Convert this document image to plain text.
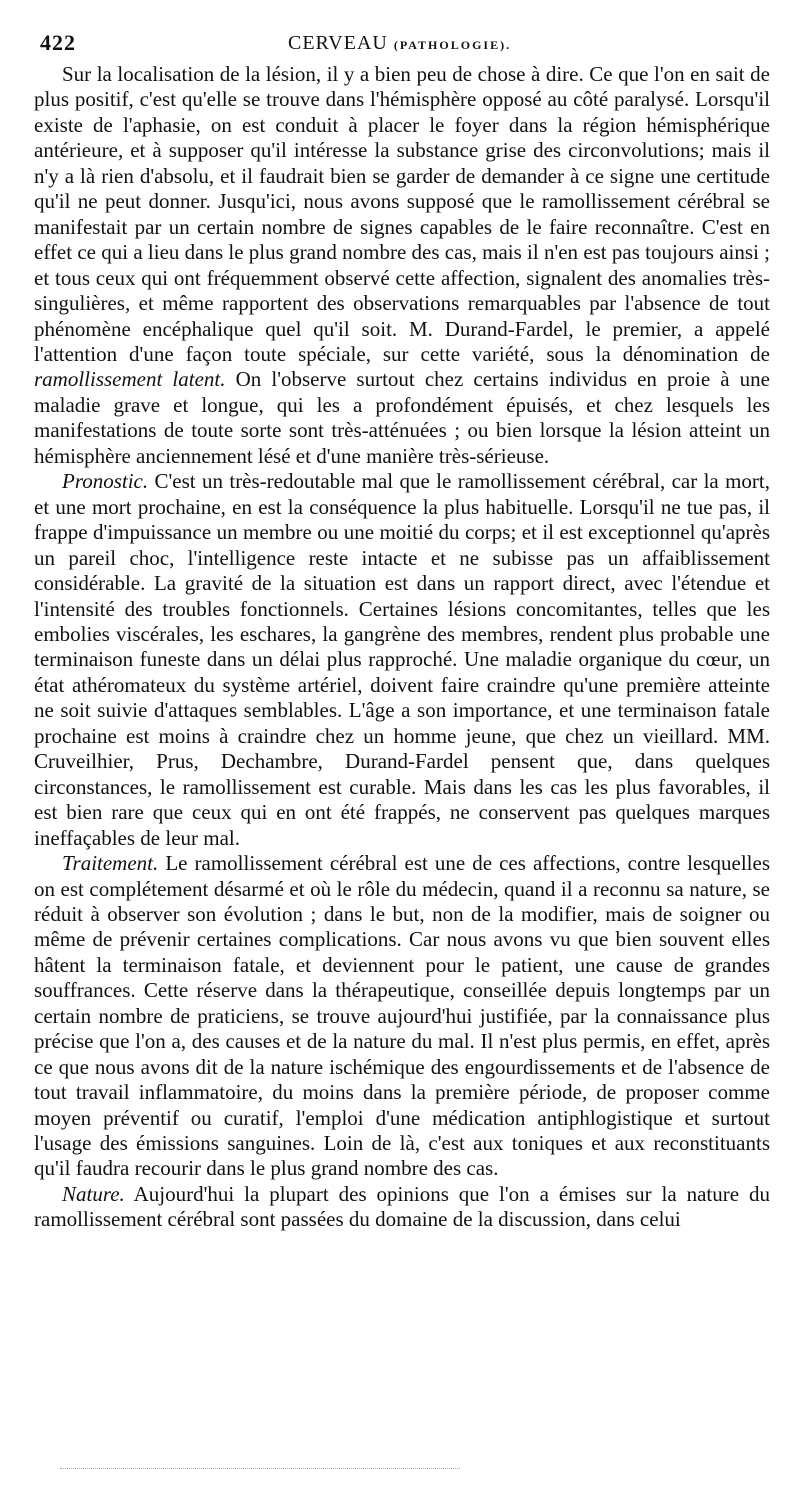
422	CERVEAU (PATHOLOGIE).

Sur la localisation de la lésion, il y a bien peu de chose à dire. Ce que l'on en sait de plus positif, c'est qu'elle se trouve dans l'hémisphère opposé au côté paralysé. Lorsqu'il existe de l'aphasie, on est conduit à placer le foyer dans la région hémisphérique antérieure, et à supposer qu'il intéresse la substance grise des circonvolutions; mais il n'y a là rien d'absolu, et il faudrait bien se garder de demander à ce signe une certitude qu'il ne peut donner. Jusqu'ici, nous avons supposé que le ramollissement cérébral se manifestait par un certain nombre de signes capables de le faire reconnaître. C'est en effet ce qui a lieu dans le plus grand nombre des cas, mais il n'en est pas toujours ainsi ; et tous ceux qui ont fréquemment observé cette affection, signalent des anomalies très-singulières, et même rapportent des observations remarquables par l'absence de tout phénomène encéphalique quel qu'il soit. M. Durand-Fardel, le premier, a appelé l'attention d'une façon toute spéciale, sur cette variété, sous la dénomination de ramollissement latent. On l'observe surtout chez certains individus en proie à une maladie grave et longue, qui les a profondément épuisés, et chez lesquels les manifestations de toute sorte sont très-atténuées ; ou bien lorsque la lésion atteint un hémisphère anciennement lésé et d'une manière très-sérieuse.

Pronostic. C'est un très-redoutable mal que le ramollissement cérébral, car la mort, et une mort prochaine, en est la conséquence la plus habituelle. Lorsqu'il ne tue pas, il frappe d'impuissance un membre ou une moitié du corps; et il est exceptionnel qu'après un pareil choc, l'intelligence reste intacte et ne subisse pas un affaiblissement considérable. La gravité de la situation est dans un rapport direct, avec l'étendue et l'intensité des troubles fonctionnels. Certaines lésions concomitantes, telles que les embolies viscérales, les eschares, la gangrène des membres, rendent plus probable une terminaison funeste dans un délai plus rapproché. Une maladie organique du cœur, un état athéromateux du système artériel, doivent faire craindre qu'une première atteinte ne soit suivie d'attaques semblables. L'âge a son importance, et une terminaison fatale prochaine est moins à craindre chez un homme jeune, que chez un vieillard. MM. Cruveilhier, Prus, Dechambre, Durand-Fardel pensent que, dans quelques circonstances, le ramollissement est curable. Mais dans les cas les plus favorables, il est bien rare que ceux qui en ont été frappés, ne conservent pas quelques marques ineffaçables de leur mal.

Traitement. Le ramollissement cérébral est une de ces affections, contre lesquelles on est complétement désarmé et où le rôle du médecin, quand il a reconnu sa nature, se réduit à observer son évolution ; dans le but, non de la modifier, mais de soigner ou même de prévenir certaines complications. Car nous avons vu que bien souvent elles hâtent la terminaison fatale, et deviennent pour le patient, une cause de grandes souffrances. Cette réserve dans la thérapeutique, conseillée depuis longtemps par un certain nombre de praticiens, se trouve aujourd'hui justifiée, par la connaissance plus précise que l'on a, des causes et de la nature du mal. Il n'est plus permis, en effet, après ce que nous avons dit de la nature ischémique des engourdissements et de l'absence de tout travail inflammatoire, du moins dans la première période, de proposer comme moyen préventif ou curatif, l'emploi d'une médication antiphlogistique et surtout l'usage des émissions sanguines. Loin de là, c'est aux toniques et aux reconstituants qu'il faudra recourir dans le plus grand nombre des cas.

Nature. Aujourd'hui la plupart des opinions que l'on a émises sur la nature du ramollissement cérébral sont passées du domaine de la discussion, dans celui
